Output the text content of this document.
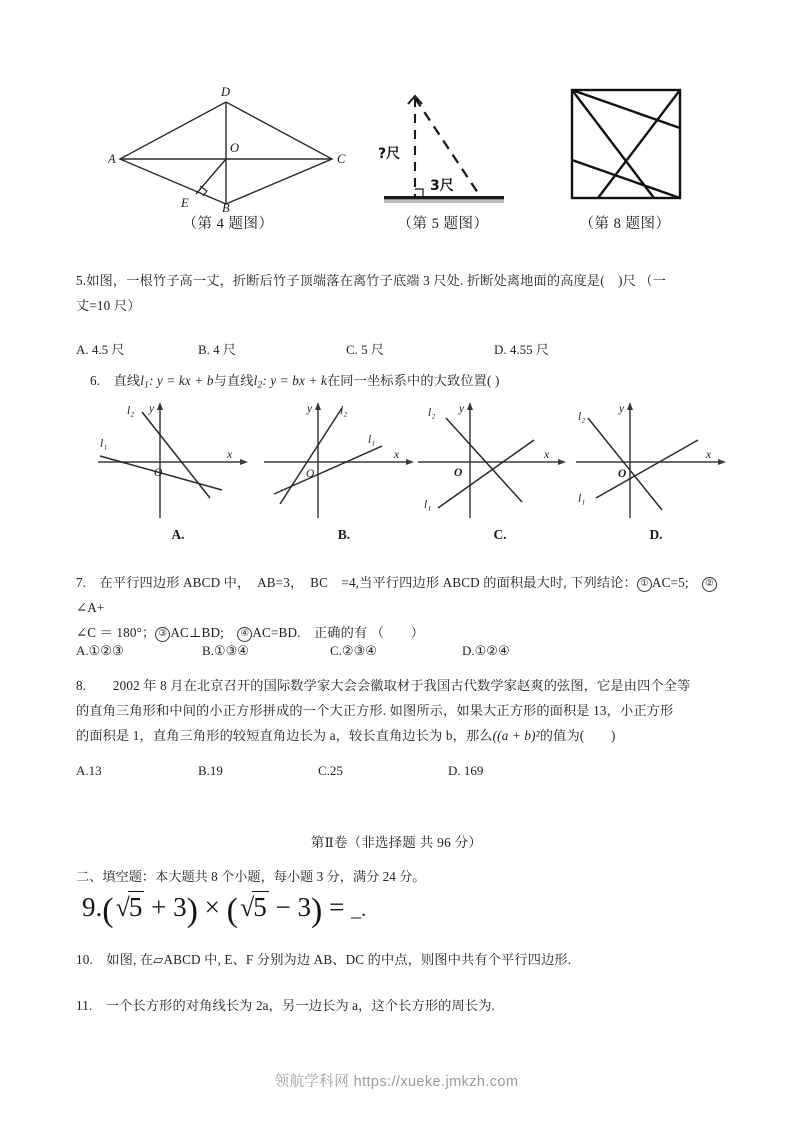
A	C
D
B
O
E
（第 4 题图）
?尺
3尺
（第 5 题图）	（第 8 题图）
5.如图，一根竹子高一丈，折断后竹子顶端落在离竹子底端 3 尺处. 折断处离地面的高度是(　)尺 （一
丈=10 尺）
A. 4.5 尺	B. 4 尺	C. 5 尺	D. 4.55 尺
6.　直线$l_1$: y = kx + b与直线$l_2$: y = bx + k在同一坐标系中的大致位置( )
l₂
l₁
O
x
y
A.
l₂
l₁
O
x
y
B.
l₂
l₁
O
x
y
C.
l₂
l₁
O
x
y
D.
7.　在平行四边形 ABCD 中，　AB=3，　BC　=4,当平行四边形 ABCD 的面积最大时, 下列结论： ① AC=5;　②∠A+
∠C ＝ 180°； ③ AC⊥BD;　④ AC=BD.　正确的有 （　　）
A.①②③	B.①③④	C.②③④	D.①②④
8.　　2002 年 8 月在北京召开的国际数学家大会会徽取材于我国古代数学家赵爽的弦图，它是由四个全等
的直角三角形和中间的小正方形拼成的一个大正方形. 如图所示，如果大正方形的面积是 13，小正方形
的面积是 1，直角三角形的较短直角边长为 a，较长直角边长为 b，那么((a + b)²的值为(　　)
A.13	B.19	C.25	D. 169
第Ⅱ卷（非选择题 共 96 分）
二、填空题：本大题共 8 个小题，每小题 3 分，满分 24 分。
9.(√5 + 3) × (√5 − 3) = _.
10.　如图, 在▱ABCD 中, E、F 分别为边 AB、DC 的中点，则图中共有个平行四边形.
11.　一个长方形的对角线长为 2a，另一边长为 a，这个长方形的周长为.
领航学科网 https://xueke.jmkzh.com
